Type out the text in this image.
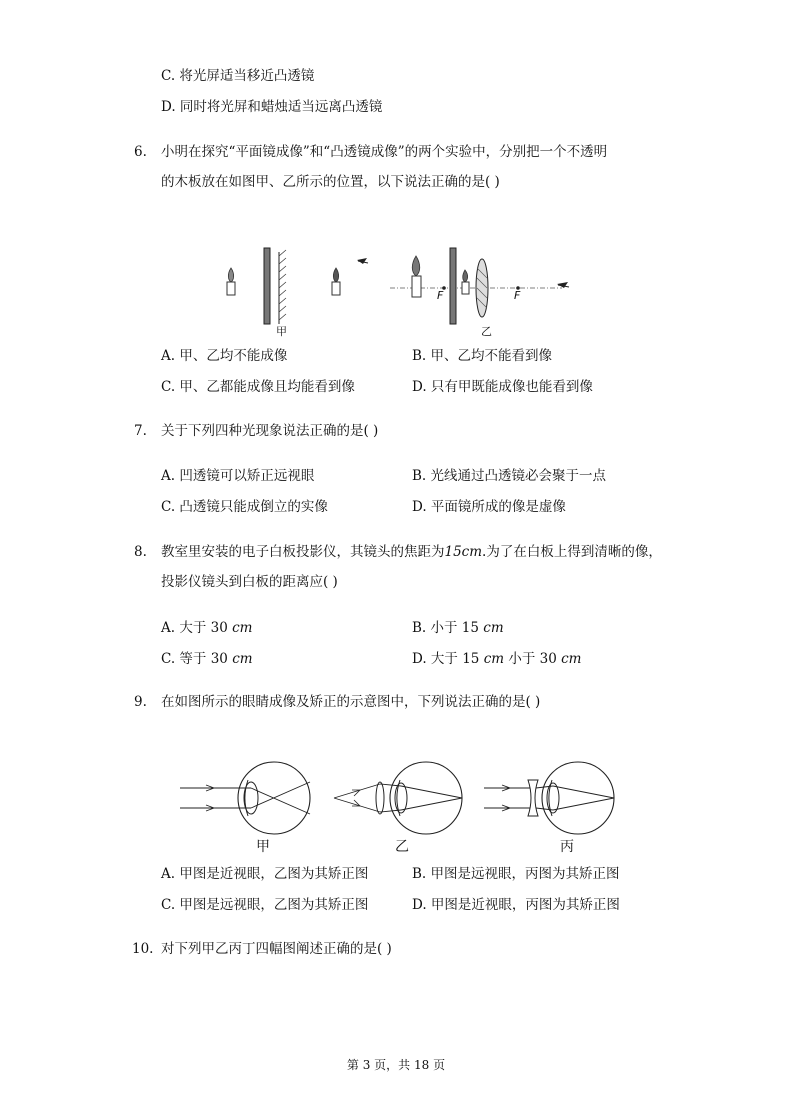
C. 将光屏适当移近凸透镜
D. 同时将光屏和蜡烛适当远离凸透镜
6. 小明在探究“平面镜成像”和“凸透镜成像”的两个实验中，分别把一个不透明
的木板放在如图甲、乙所示的位置，以下说法正确的是( )
F	F
甲	乙
A. 甲、乙均不能成像	B. 甲、乙均不能看到像
C. 甲、乙都能成像且均能看到像	D. 只有甲既能成像也能看到像
7. 关于下列四种光现象说法正确的是( )
A. 凹透镜可以矫正远视眼	B. 光线通过凸透镜必会聚于一点
C. 凸透镜只能成倒立的实像	D. 平面镜所成的像是虚像
8. 教室里安装的电子白板投影仪，其镜头的焦距为15cm.为了在白板上得到清晰的像，
投影仪镜头到白板的距离应( )
A. 大于 30 cm	B. 小于 15 cm
C. 等于 30 cm	D. 大于 15 cm 小于 30 cm
9. 在如图所示的眼睛成像及矫正的示意图中，下列说法正确的是( )
甲	乙	丙
A. 甲图是近视眼，乙图为其矫正图	B. 甲图是远视眼，丙图为其矫正图
C. 甲图是远视眼，乙图为其矫正图	D. 甲图是近视眼，丙图为其矫正图
10. 对下列甲乙丙丁四幅图阐述正确的是( )
第 3 页，共 18 页
